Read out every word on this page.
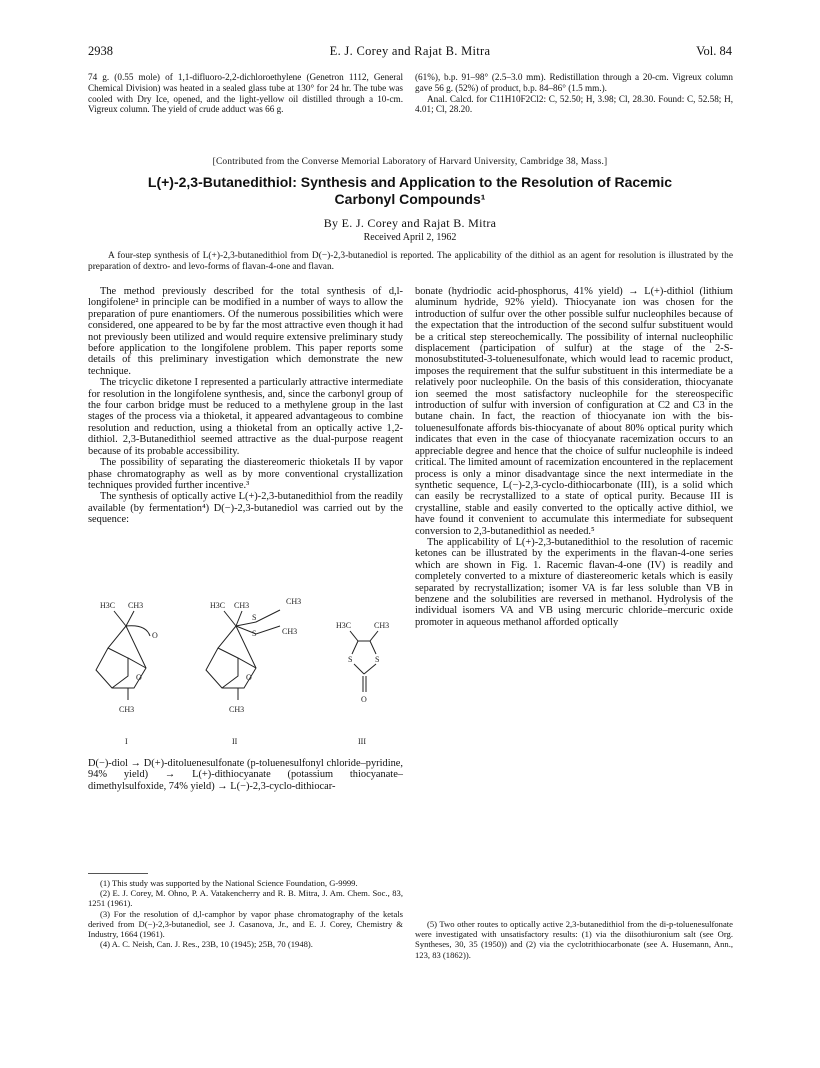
2938	E. J. Corey and Rajat B. Mitra	Vol. 84

74 g. (0.55 mole) of 1,1-difluoro-2,2-dichloroethylene (Genetron 1112, General Chemical Division) was heated in a sealed glass tube at 130° for 24 hr. The tube was cooled with Dry Ice, opened, and the light-yellow oil distilled through a 10-cm. Vigreux column. The yield of crude adduct was 66 g.

(61%), b.p. 91–98° (2.5–3.0 mm). Redistillation through a 20-cm. Vigreux column gave 56 g. (52%) of product, b.p. 84–86° (1.5 mm.).

Anal. Calcd. for C11H10F2Cl2: C, 52.50; H, 3.98; Cl, 28.30. Found: C, 52.58; H, 4.01; Cl, 28.20.

[Contributed from the Converse Memorial Laboratory of Harvard University, Cambridge 38, Mass.]
L(+)-2,3-Butanedithiol: Synthesis and Application to the Resolution of Racemic
Carbonyl Compounds¹
By E. J. Corey and Rajat B. Mitra
Received April 2, 1962
A four-step synthesis of L(+)-2,3-butanedithiol from D(−)-2,3-butanediol is reported. The applicability of the dithiol as an agent for resolution is illustrated by the preparation of dextro- and levo-forms of flavan-4-one and flavan.

The method previously described for the total synthesis of d,l-longifolene² in principle can be modified in a number of ways to allow the preparation of pure enantiomers. Of the numerous possibilities which were considered, one appeared to be by far the most attractive even though it had not previously been utilized and would require extensive preliminary study before application to the longifolene problem. This paper reports some details of this preliminary investigation which demonstrate the new technique.

The tricyclic diketone I represented a particularly attractive intermediate for resolution in the longifolene synthesis, and, since the carbonyl group of the four carbon bridge must be reduced to a methylene group in the last stages of the process via a thioketal, it appeared advantageous to combine resolution and reduction, using a thioketal from an optically active 1,2-dithiol. 2,3-Butanedithiol seemed attractive as the dual-purpose reagent because of its probable accessibility.

The possibility of separating the diastereomeric thioketals II by vapor phase chromatography as well as by more conventional crystallization techniques provided further incentive.³

The synthesis of optically active L(+)-2,3-butanedithiol from the readily available (by fermentation⁴) D(−)-2,3-butanediol was carried out by the sequence:

H3C CH3
O
O
CH3
I
H3C CH3	CH3
S
S	CH3
O
CH3
II
H3C	CH3
S	S
O
III

D(−)-diol → D(+)-ditoluenesulfonate (p-toluenesulfonyl chloride–pyridine, 94% yield) → L(+)-dithiocyanate (potassium thiocyanate–dimethylsulfoxide, 74% yield) → L(−)-2,3-cyclo-dithiocar-

(1) This study was supported by the National Science Foundation, G-9999.

(2) E. J. Corey, M. Ohno, P. A. Vatakencherry and R. B. Mitra, J. Am. Chem. Soc., 83, 1251 (1961).

(3) For the resolution of d,l-camphor by vapor phase chromatography of the ketals derived from D(−)-2,3-butanediol, see J. Casanova, Jr., and E. J. Corey, Chemistry & Industry, 1664 (1961).

(4) A. C. Neish, Can. J. Res., 23B, 10 (1945); 25B, 70 (1948).

bonate (hydriodic acid-phosphorus, 41% yield) → L(+)-dithiol (lithium aluminum hydride, 92% yield). Thiocyanate ion was chosen for the introduction of sulfur over the other possible sulfur nucleophiles because of the expectation that the introduction of the second sulfur substituent would be a critical step stereochemically. The possibility of internal nucleophilic displacement (participation of sulfur) at the stage of the 2-S-monosubstituted-3-toluenesulfonate, which would lead to racemic product, imposes the requirement that the sulfur substituent in this intermediate be a relatively poor nucleophile. On the basis of this consideration, thiocyanate ion seemed the most satisfactory nucleophile for the stereospecific introduction of sulfur with inversion of configuration at C2 and C3 in the butane chain. In fact, the reaction of thiocyanate ion with the bis-toluenesulfonate affords bis-thiocyanate of about 80% optical purity which indicates that even in the case of thiocyanate racemization occurs to an appreciable degree and hence that the choice of sulfur nucleophile is indeed critical. The limited amount of racemization encountered in the replacement process is only a minor disadvantage since the next intermediate in the synthetic sequence, L(−)-2,3-cyclo-dithiocarbonate (III), is a solid which can easily be recrystallized to a state of optical purity. Because III is crystalline, stable and easily converted to the optically active dithiol, we have found it convenient to accumulate this intermediate for subsequent conversion to 2,3-butanedithiol as needed.⁵

The applicability of L(+)-2,3-butanedithiol to the resolution of racemic ketones can be illustrated by the experiments in the flavan-4-one series which are shown in Fig. 1. Racemic flavan-4-one (IV) is readily and completely converted to a mixture of diastereomeric ketals which is easily separated by recrystallization; isomer VA is far less soluble than VB in benzene and the solubilities are reversed in methanol. Hydrolysis of the individual isomers VA and VB using mercuric chloride–mercuric oxide promoter in aqueous methanol afforded optically

(5) Two other routes to optically active 2,3-butanedithiol from the di-p-toluenesulfonate were investigated with unsatisfactory results: (1) via the diisothiuronium salt (see Org. Syntheses, 30, 35 (1950)) and (2) via the cyclotrithiocarbonate (see A. Husemann, Ann., 123, 83 (1862)).
